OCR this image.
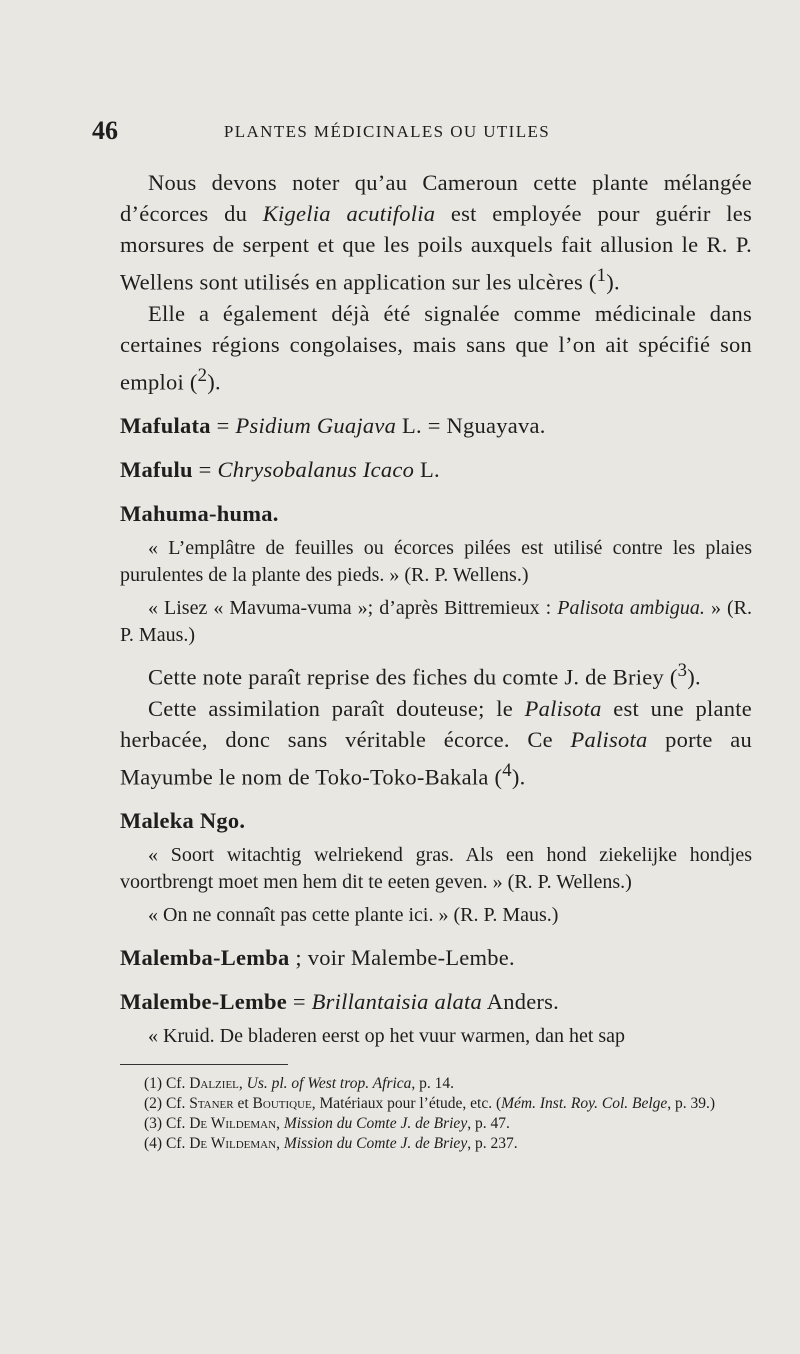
46	PLANTES MÉDICINALES OU UTILES

Nous devons noter qu’au Cameroun cette plante mélangée d’écorces du Kigelia acutifolia est employée pour guérir les morsures de serpent et que les poils auxquels fait allusion le R. P. Wellens sont utilisés en application sur les ulcères ($^1$).

Elle a également déjà été signalée comme médicinale dans certaines régions congolaises, mais sans que l’on ait spécifié son emploi ($^2$).

Mafulata = Psidium Guajava L. = Nguayava.

Mafulu = Chrysobalanus Icaco L.

Mahuma-huma.

« L’emplâtre de feuilles ou écorces pilées est utilisé contre les plaies purulentes de la plante des pieds. » (R. P. Wellens.)

« Lisez « Mavuma-vuma »; d’après Bittremieux : Palisota ambigua. » (R. P. Maus.)

Cette note paraît reprise des fiches du comte J. de Briey ($^3$).

Cette assimilation paraît douteuse; le Palisota est une plante herbacée, donc sans véritable écorce. Ce Palisota porte au Mayumbe le nom de Toko-Toko-Bakala ($^4$).

Maleka Ngo.

« Soort witachtig welriekend gras. Als een hond ziekelijke hondjes voortbrengt moet men hem dit te eeten geven. » (R. P. Wellens.)

« On ne connaît pas cette plante ici. » (R. P. Maus.)

Malemba-Lemba ; voir Malembe-Lembe.

Malembe-Lembe = Brillantaisia alata Anders.

« Kruid. De bladeren eerst op het vuur warmen, dan het sap

(1) Cf. Dalziel, Us. pl. of West trop. Africa, p. 14.

(2) Cf. Staner et Boutique, Matériaux pour l’étude, etc. (Mém. Inst. Roy. Col. Belge, p. 39.)

(3) Cf. De Wildeman, Mission du Comte J. de Briey, p. 47.

(4) Cf. De Wildeman, Mission du Comte J. de Briey, p. 237.
